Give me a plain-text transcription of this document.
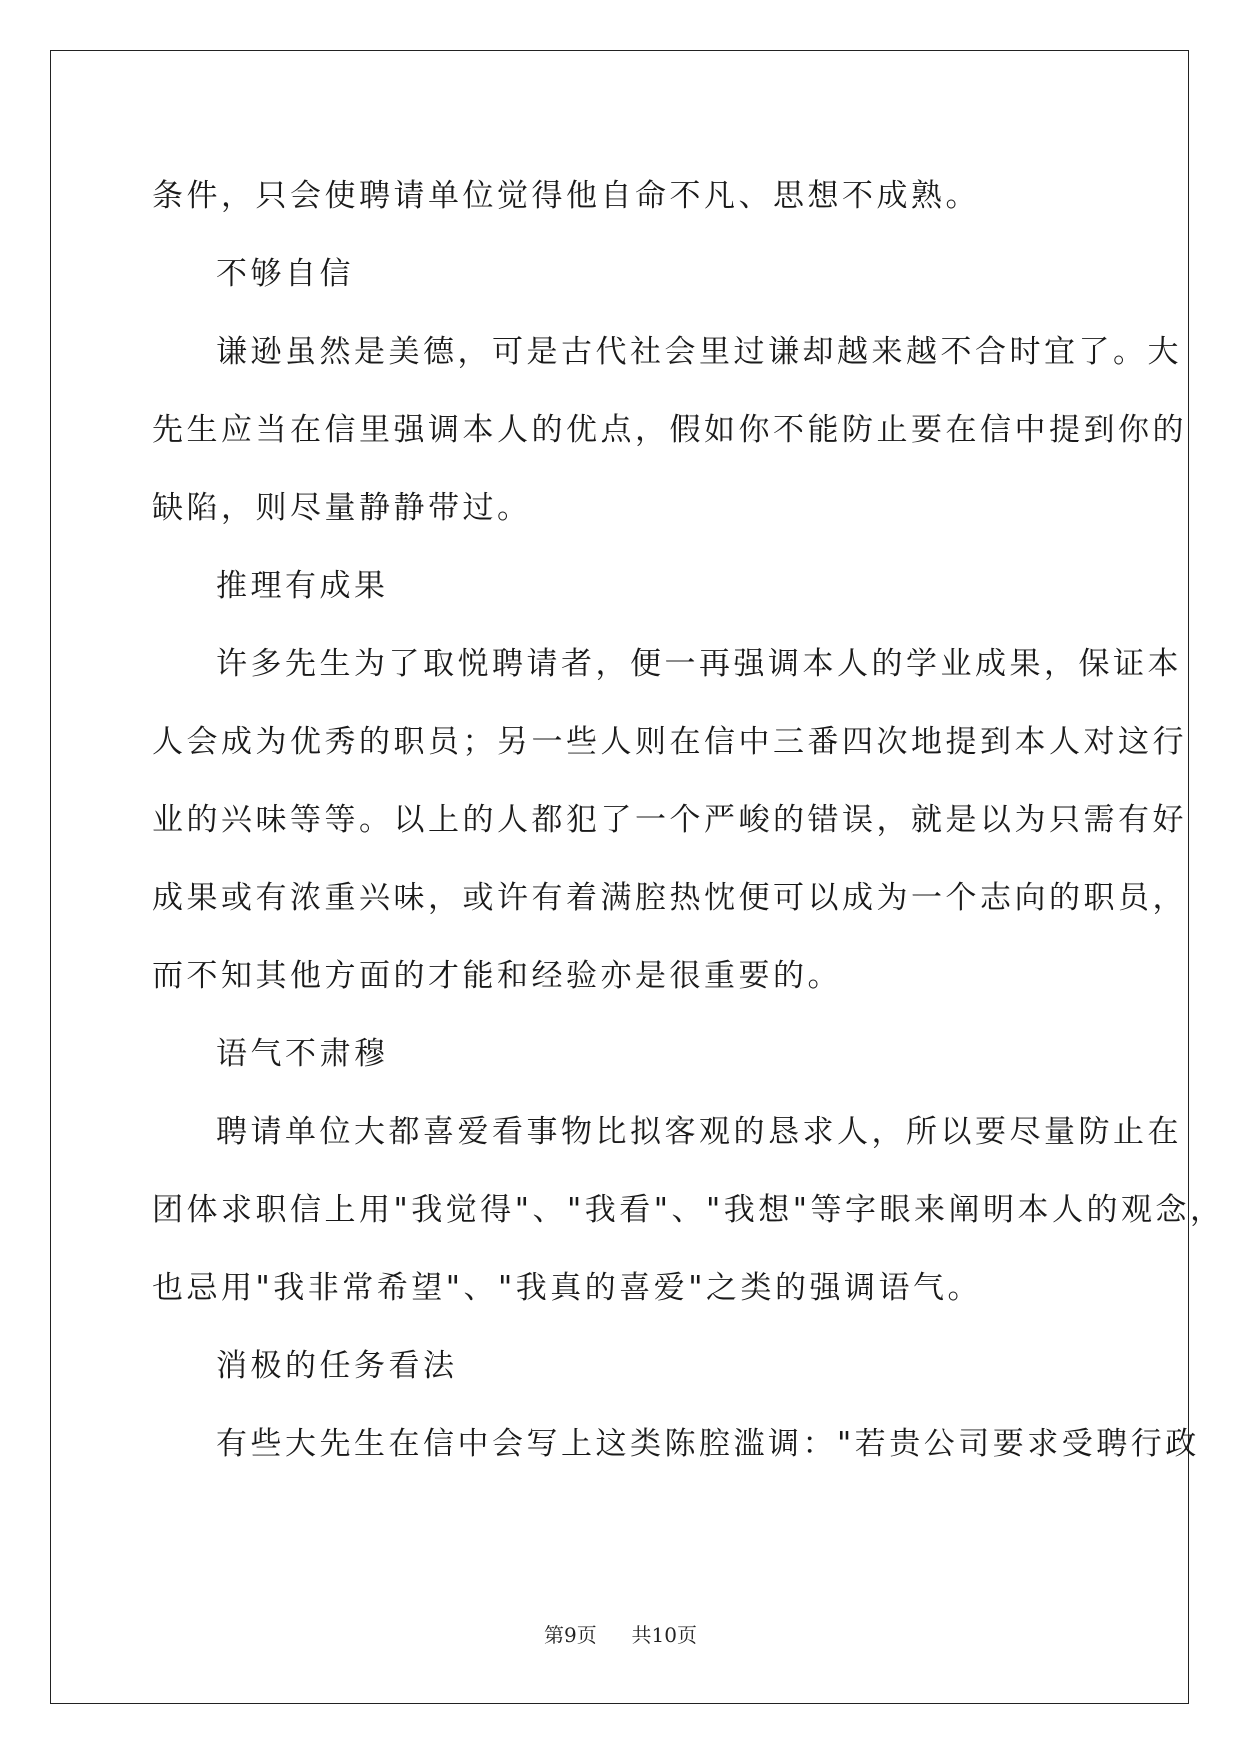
条件，只会使聘请单位觉得他自命不凡、思想不成熟。

不够自信

谦逊虽然是美德，可是古代社会里过谦却越来越不合时宜了。大

先生应当在信里强调本人的优点，假如你不能防止要在信中提到你的

缺陷，则尽量静静带过。

推理有成果

许多先生为了取悦聘请者，便一再强调本人的学业成果，保证本

人会成为优秀的职员；另一些人则在信中三番四次地提到本人对这行

业的兴味等等。以上的人都犯了一个严峻的错误，就是以为只需有好

成果或有浓重兴味，或许有着满腔热忱便可以成为一个志向的职员，

而不知其他方面的才能和经验亦是很重要的。

语气不肃穆

聘请单位大都喜爱看事物比拟客观的恳求人，所以要尽量防止在

团体求职信上用"我觉得"、"我看"、"我想"等字眼来阐明本人的观念，

也忌用"我非常希望"、"我真的喜爱"之类的强调语气。

消极的任务看法

有些大先生在信中会写上这类陈腔滥调："若贵公司要求受聘行政

第9页 共10页
